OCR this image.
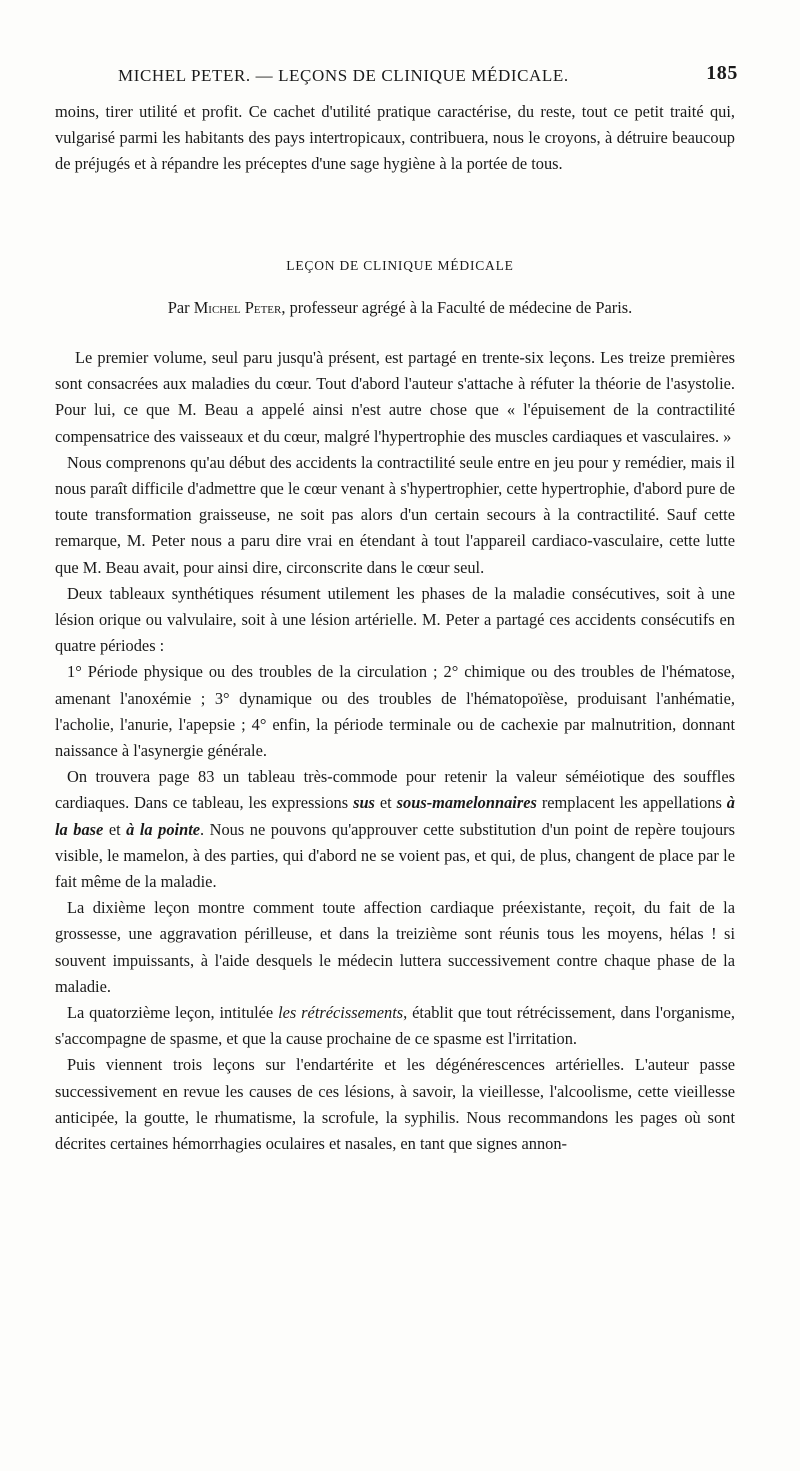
MICHEL PETER. — LEÇONS DE CLINIQUE MÉDICALE.	185

moins, tirer utilité et profit. Ce cachet d'utilité pratique caractérise, du reste, tout ce petit traité qui, vulgarisé parmi les habitants des pays intertropicaux, contribuera, nous le croyons, à détruire beaucoup de préjugés et à répandre les préceptes d'une sage hygiène à la portée de tous.

LEÇON DE CLINIQUE MÉDICALE
Par Michel Peter, professeur agrégé à la Faculté de médecine de Paris.

Le premier volume, seul paru jusqu'à présent, est partagé en trente-six leçons. Les treize premières sont consacrées aux maladies du cœur. Tout d'abord l'auteur s'attache à réfuter la théorie de l'asystolie. Pour lui, ce que M. Beau a appelé ainsi n'est autre chose que « l'épuisement de la contractilité compensatrice des vaisseaux et du cœur, malgré l'hypertrophie des muscles cardiaques et vasculaires. »

Nous comprenons qu'au début des accidents la contractilité seule entre en jeu pour y remédier, mais il nous paraît difficile d'admettre que le cœur venant à s'hypertrophier, cette hypertrophie, d'abord pure de toute transformation graisseuse, ne soit pas alors d'un certain secours à la contractilité. Sauf cette remarque, M. Peter nous a paru dire vrai en étendant à tout l'appareil cardiaco-vasculaire, cette lutte que M. Beau avait, pour ainsi dire, circonscrite dans le cœur seul.

Deux tableaux synthétiques résument utilement les phases de la maladie consécutives, soit à une lésion orique ou valvulaire, soit à une lésion artérielle. M. Peter a partagé ces accidents consécutifs en quatre périodes :

1° Période physique ou des troubles de la circulation ; 2° chimique ou des troubles de l'hématose, amenant l'anoxémie ; 3° dynamique ou des troubles de l'hématopoïèse, produisant l'anhématie, l'acholie, l'anurie, l'apepsie ; 4° enfin, la période terminale ou de cachexie par malnutrition, donnant naissance à l'asynergie générale.

On trouvera page 83 un tableau très-commode pour retenir la valeur séméiotique des souffles cardiaques. Dans ce tableau, les expressions sus et sous-mamelonnaires remplacent les appellations à la base et à la pointe. Nous ne pouvons qu'approuver cette substitution d'un point de repère toujours visible, le mamelon, à des parties, qui d'abord ne se voient pas, et qui, de plus, changent de place par le fait même de la maladie.

La dixième leçon montre comment toute affection cardiaque préexistante, reçoit, du fait de la grossesse, une aggravation périlleuse, et dans la treizième sont réunis tous les moyens, hélas ! si souvent impuissants, à l'aide desquels le médecin luttera successivement contre chaque phase de la maladie.

La quatorzième leçon, intitulée les rétrécissements, établit que tout rétrécissement, dans l'organisme, s'accompagne de spasme, et que la cause prochaine de ce spasme est l'irritation.

Puis viennent trois leçons sur l'endartérite et les dégénérescences artérielles. L'auteur passe successivement en revue les causes de ces lésions, à savoir, la vieillesse, l'alcoolisme, cette vieillesse anticipée, la goutte, le rhumatisme, la scrofule, la syphilis. Nous recommandons les pages où sont décrites certaines hémorrhagies oculaires et nasales, en tant que signes annon-
